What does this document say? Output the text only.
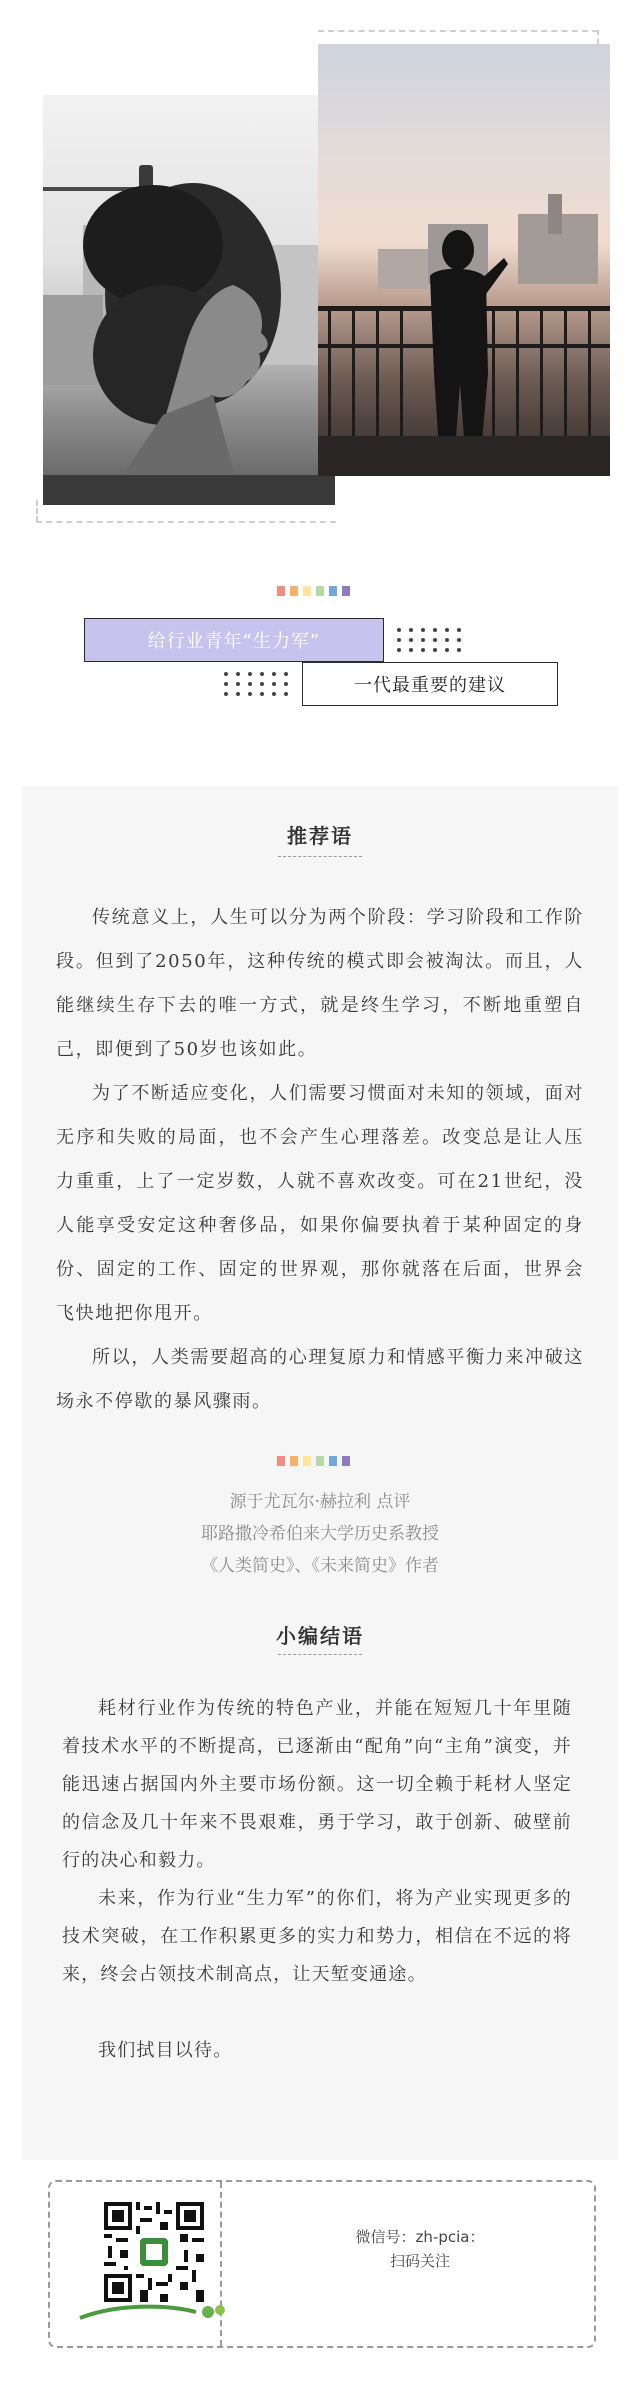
给行业青年“生力军”
一代最重要的建议
推荐语

传统意义上，人生可以分为两个阶段：学习阶段和工作阶段。但到了2050年，这种传统的模式即会被淘汰。而且，人能继续生存下去的唯一方式，就是终生学习，不断地重塑自己，即便到了50岁也该如此。

为了不断适应变化，人们需要习惯面对未知的领域，面对无序和失败的局面，也不会产生心理落差。改变总是让人压力重重，上了一定岁数，人就不喜欢改变。可在21世纪，没人能享受安定这种奢侈品，如果你偏要执着于某种固定的身份、固定的工作、固定的世界观，那你就落在后面，世界会飞快地把你甩开。

所以，人类需要超高的心理复原力和情感平衡力来冲破这场永不停歇的暴风骤雨。

源于尤瓦尔·赫拉利 点评
耶路撒冷希伯来大学历史系教授
《人类简史》、《未来简史》作者
小编结语

耗材行业作为传统的特色产业，并能在短短几十年里随着技术水平的不断提高，已逐渐由“配角”向“主角”演变，并能迅速占据国内外主要市场份额。这一切全赖于耗材人坚定的信念及几十年来不畏艰难，勇于学习，敢于创新、破壁前行的决心和毅力。

未来，作为行业“生力军”的你们，将为产业实现更多的技术突破，在工作积累更多的实力和势力，相信在不远的将来，终会占领技术制高点，让天堑变通途。

我们拭目以待。

微信号：zh-pcia：
扫码关注
